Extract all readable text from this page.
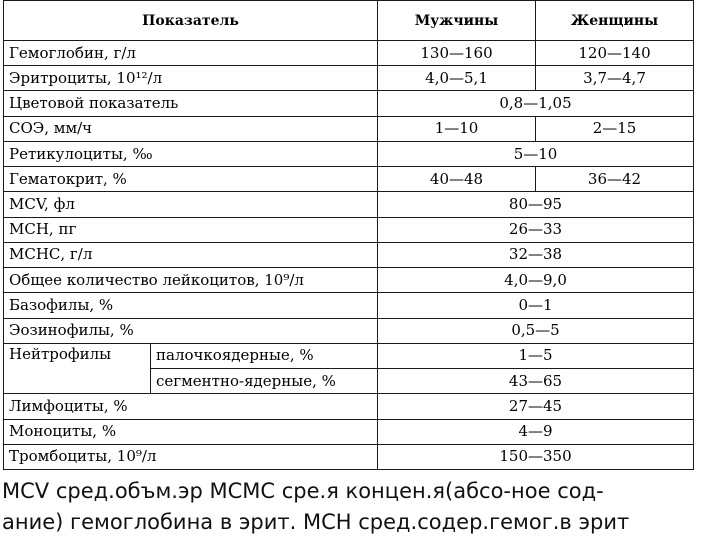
Показатель		Мужчины	Женщины
Гемоглобин, г/л		130—160	120—140
Эритроциты, 10¹²/л		4,0—5,1	3,7—4,7
Цветовой показатель		0,8—1,05	
СОЭ, мм/ч		1—10	2—15
Ретикулоциты, ‰		5—10	
Гематокрит, %		40—48	36—42
MCV, фл		80—95	
МСН, пг		26—33	
МСНС, г/л		32—38	
Общее количество лейкоцитов, 10⁹/л		4,0—9,0	
Базофилы, %		0—1	
Эозинофилы, %		0,5—5	
Нейтрофилы	палочкоядерные, %	1—5	
	сегментно-ядерные, %	43—65	
Лимфоциты, %		27—45	
Моноциты, %		4—9	
Тромбоциты, 10⁹/л		150—350	
MCV сред.объм.эр MCMC сре.я концен.я(абсо-ное сод-
ание) гемоглобина в эрит. MCH сред.содер.гемог.в эрит
